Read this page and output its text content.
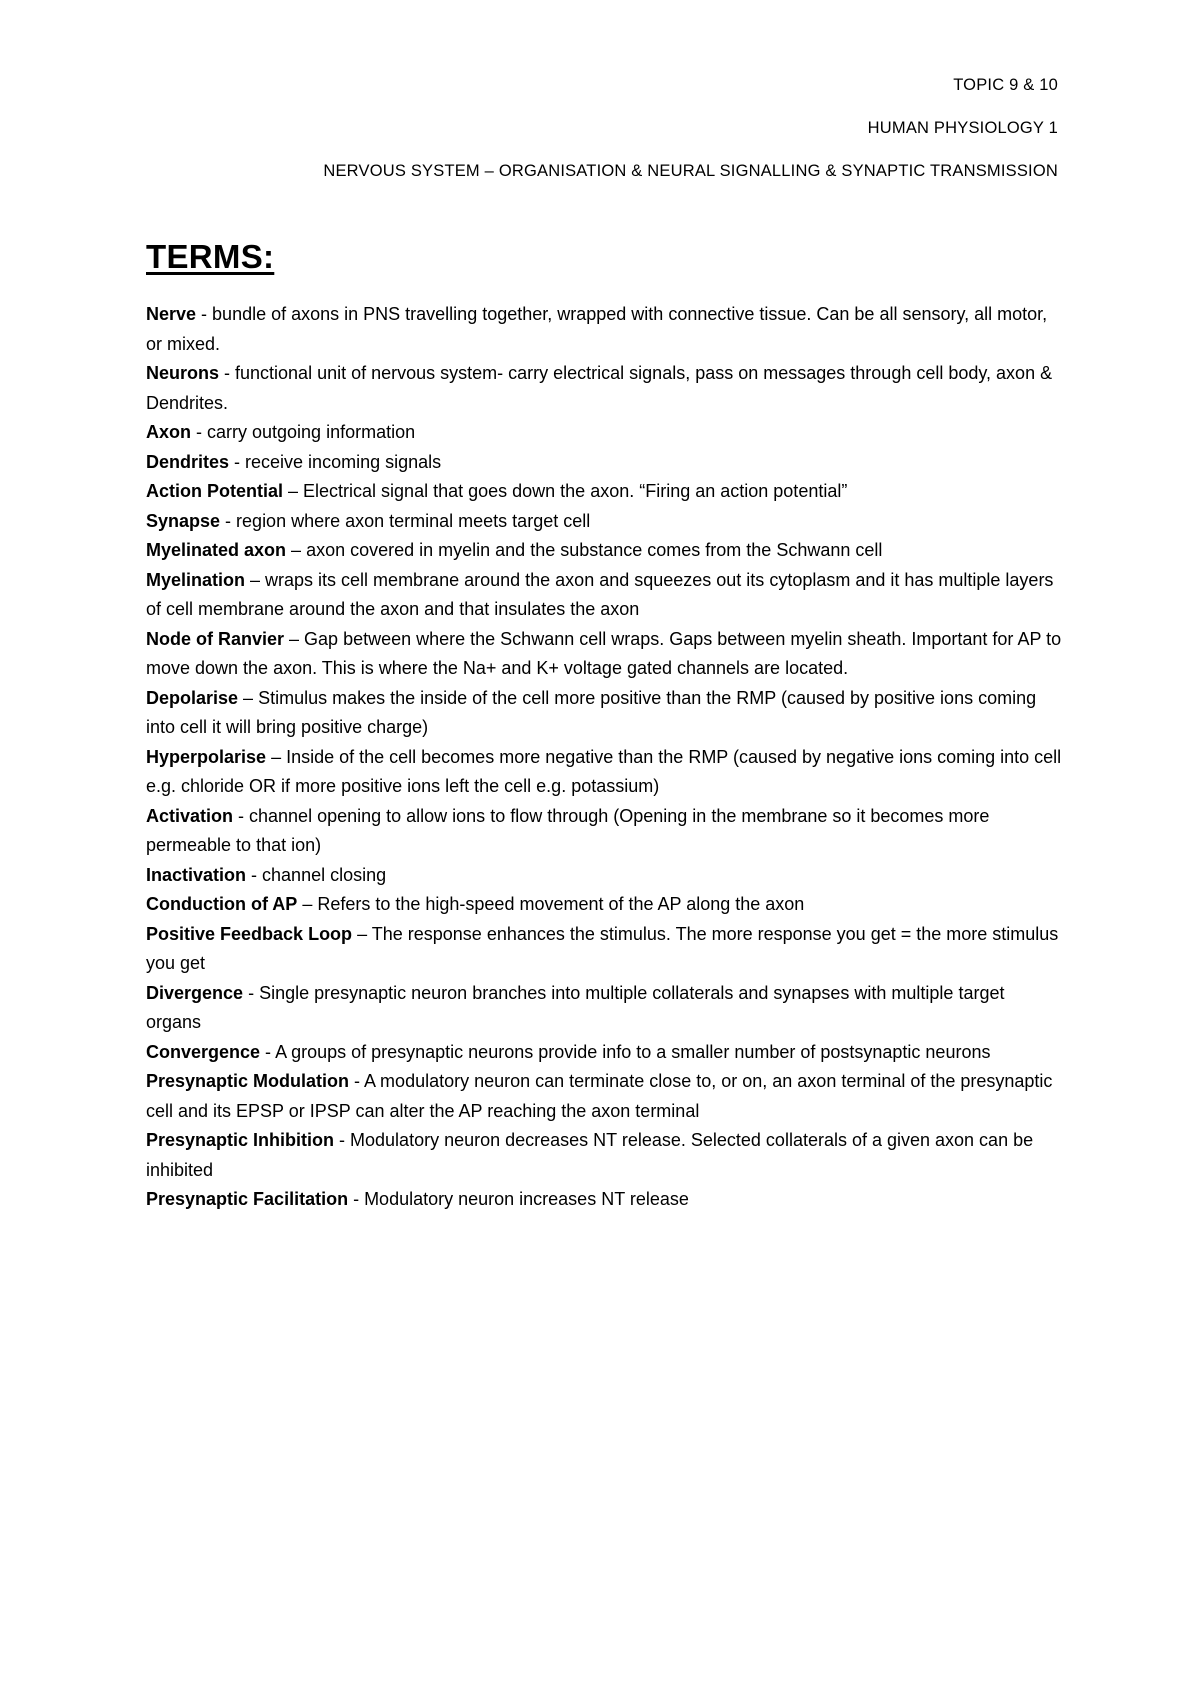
TOPIC 9 & 10
HUMAN PHYSIOLOGY 1
NERVOUS SYSTEM – ORGANISATION & NEURAL SIGNALLING & SYNAPTIC TRANSMISSION
TERMS:
Nerve - bundle of axons in PNS travelling together, wrapped with connective tissue. Can be all sensory, all motor, or mixed.
Neurons - functional unit of nervous system- carry electrical signals, pass on messages through cell body, axon & Dendrites.
Axon - carry outgoing information
Dendrites - receive incoming signals
Action Potential – Electrical signal that goes down the axon. “Firing an action potential”
Synapse - region where axon terminal meets target cell
Myelinated axon – axon covered in myelin and the substance comes from the Schwann cell
Myelination – wraps its cell membrane around the axon and squeezes out its cytoplasm and it has multiple layers of cell membrane around the axon and that insulates the axon
Node of Ranvier – Gap between where the Schwann cell wraps. Gaps between myelin sheath. Important for AP to move down the axon. This is where the Na+ and K+ voltage gated channels are located.
Depolarise – Stimulus makes the inside of the cell more positive than the RMP (caused by positive ions coming into cell it will bring positive charge)
Hyperpolarise – Inside of the cell becomes more negative than the RMP (caused by negative ions coming into cell e.g. chloride OR if more positive ions left the cell e.g. potassium)
Activation - channel opening to allow ions to flow through (Opening in the membrane so it becomes more permeable to that ion)
Inactivation - channel closing
Conduction of AP – Refers to the high-speed movement of the AP along the axon
Positive Feedback Loop – The response enhances the stimulus. The more response you get = the more stimulus you get
Divergence - Single presynaptic neuron branches into multiple collaterals and synapses with multiple target organs
Convergence - A groups of presynaptic neurons provide info to a smaller number of postsynaptic neurons
Presynaptic Modulation - A modulatory neuron can terminate close to, or on, an axon terminal of the presynaptic cell and its EPSP or IPSP can alter the AP reaching the axon terminal
Presynaptic Inhibition - Modulatory neuron decreases NT release. Selected collaterals of a given axon can be inhibited
Presynaptic Facilitation - Modulatory neuron increases NT release
